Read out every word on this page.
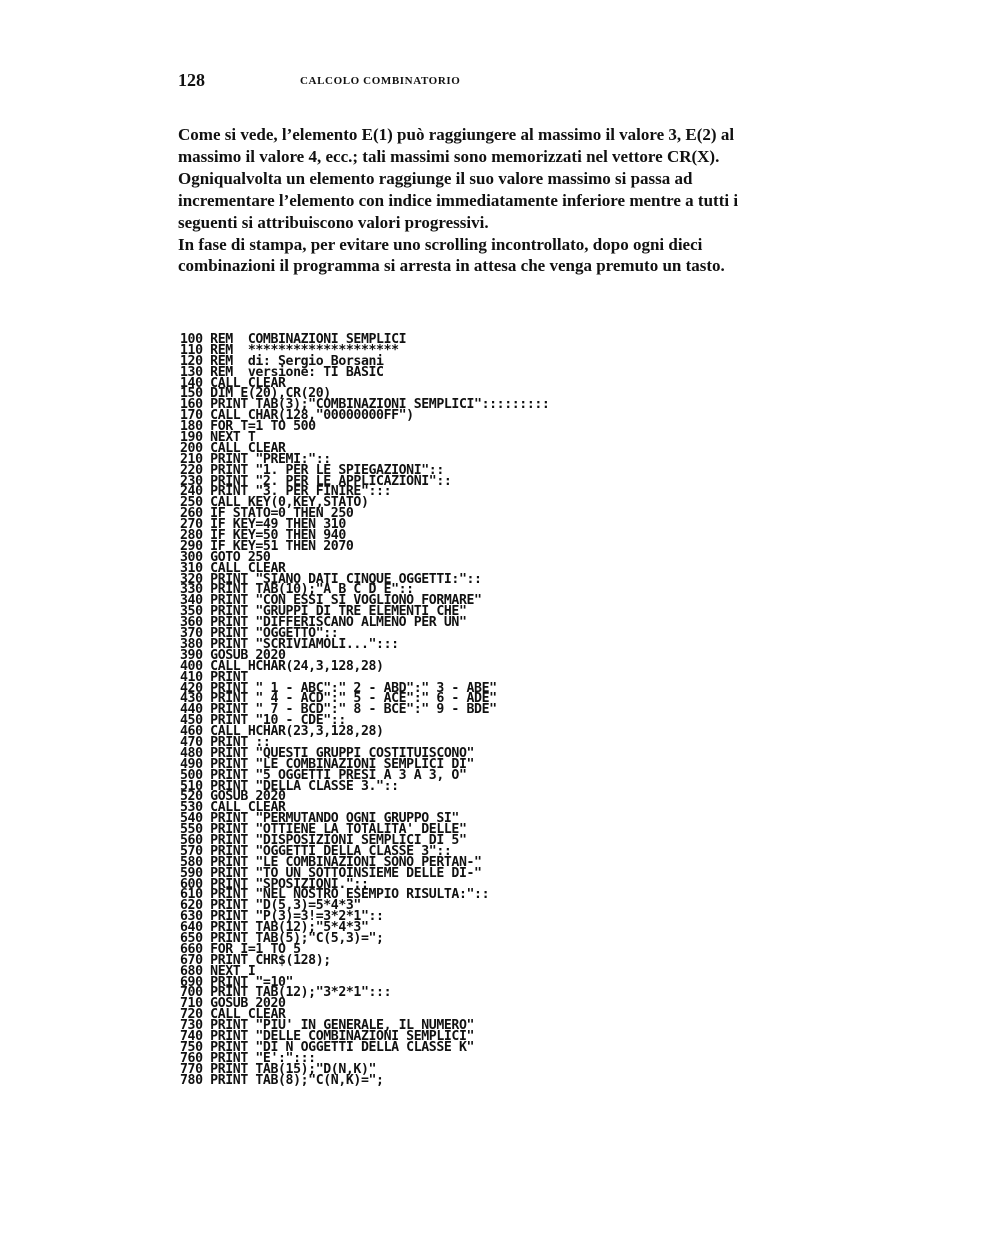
128	CALCOLO COMBINATORIO

Come si vede, l’elemento E(1) può raggiungere al massimo il valore 3, E(2) al massimo il valore 4, ecc.; tali massimi sono memorizzati nel vettore CR(X). Ogniqualvolta un elemento raggiunge il suo valore massimo si passa ad incrementare l’elemento con indice immediatamente inferiore mentre a tutti i seguenti si attribuiscono valori progressivi.

In fase di stampa, per evitare uno scrolling incontrollato, dopo ogni dieci combinazioni il programma si arresta in attesa che venga premuto un tasto.

100 REM  COMBINAZIONI SEMPLICI
110 REM  ********************
120 REM  di: Sergio Borsani
130 REM  versione: TI BASIC
140 CALL CLEAR
150 DIM E(20),CR(20)
160 PRINT TAB(3);"COMBINAZIONI SEMPLICI":::::::::
170 CALL CHAR(128,"00000000FF")
180 FOR T=1 TO 500
190 NEXT T
200 CALL CLEAR
210 PRINT "PREMI:"::
220 PRINT "1. PER LE SPIEGAZIONI"::
230 PRINT "2. PER LE APPLICAZIONI"::
240 PRINT "3. PER FINIRE":::
250 CALL KEY(0,KEY,STATO)
260 IF STATO=0 THEN 250
270 IF KEY=49 THEN 310
280 IF KEY=50 THEN 940
290 IF KEY=51 THEN 2070
300 GOTO 250
310 CALL CLEAR
320 PRINT "SIANO DATI CINQUE OGGETTI:"::
330 PRINT TAB(10);"A B C D E"::
340 PRINT "CON ESSI SI VOGLIONO FORMARE"
350 PRINT "GRUPPI DI TRE ELEMENTI CHE"
360 PRINT "DIFFERISCANO ALMENO PER UN"
370 PRINT "OGGETTO"::
380 PRINT "SCRIVIAMOLI...":::
390 GOSUB 2020
400 CALL HCHAR(24,3,128,28)
410 PRINT
420 PRINT " 1 - ABC":" 2 - ABD":" 3 - ABE"
430 PRINT " 4 - ACD":" 5 - ACE":" 6 - ADE"
440 PRINT " 7 - BCD":" 8 - BCE":" 9 - BDE"
450 PRINT "10 - CDE"::
460 CALL HCHAR(23,3,128,28)
470 PRINT ::
480 PRINT "QUESTI GRUPPI COSTITUISCONO"
490 PRINT "LE COMBINAZIONI SEMPLICI DI"
500 PRINT "5 OGGETTI PRESI A 3 A 3, O"
510 PRINT "DELLA CLASSE 3."::
520 GOSUB 2020
530 CALL CLEAR
540 PRINT "PERMUTANDO OGNI GRUPPO SI"
550 PRINT "OTTIENE LA TOTALITA' DELLE"
560 PRINT "DISPOSIZIONI SEMPLICI DI 5"
570 PRINT "OGGETTI DELLA CLASSE 3"::
580 PRINT "LE COMBINAZIONI SONO PERTAN-"
590 PRINT "TO UN SOTTOINSIEME DELLE DI-"
600 PRINT "SPOSIZIONI."::
610 PRINT "NEL NOSTRO ESEMPIO RISULTA:"::
620 PRINT "D(5,3)=5*4*3"
630 PRINT "P(3)=3!=3*2*1"::
640 PRINT TAB(12);"5*4*3"
650 PRINT TAB(5);"C(5,3)=";
660 FOR I=1 TO 5
670 PRINT CHR$(128);
680 NEXT I
690 PRINT "=10"
700 PRINT TAB(12);"3*2*1":::
710 GOSUB 2020
720 CALL CLEAR
730 PRINT "PIU' IN GENERALE, IL NUMERO"
740 PRINT "DELLE COMBINAZIONI SEMPLICI"
750 PRINT "DI N OGGETTI DELLA CLASSE K"
760 PRINT "E':":::
770 PRINT TAB(15);"D(N,K)"
780 PRINT TAB(8);"C(N,K)=";
